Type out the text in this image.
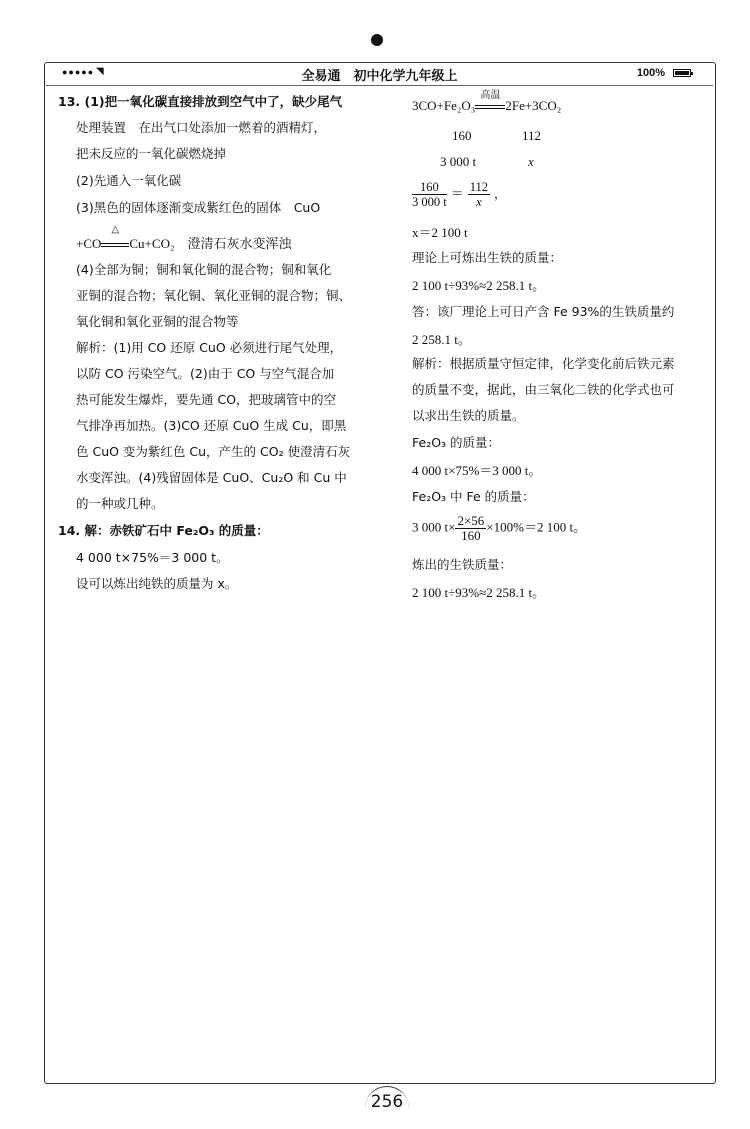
●●●●● ◥	全易通　初中化学九年级上	100%
13. (1)把一氧化碳直接排放到空气中了，缺少尾气
处理装置　在出气口处添加一燃着的酒精灯，
把未反应的一氧化碳燃烧掉
(2)先通入一氧化碳
(3)黑色的固体逐渐变成紫红色的固体　CuO
+CO
△
Cu+CO₂　澄清石灰水变浑浊
(4)全部为铜；铜和氧化铜的混合物；铜和氧化
亚铜的混合物；氧化铜、氧化亚铜的混合物；铜、
氧化铜和氧化亚铜的混合物等
解析：(1)用 CO 还原 CuO 必须进行尾气处理，
以防 CO 污染空气。(2)由于 CO 与空气混合加
热可能发生爆炸，要先通 CO，把玻璃管中的空
气排净再加热。(3)CO 还原 CuO 生成 Cu，即黑
色 CuO 变为紫红色 Cu，产生的 CO₂ 使澄清石灰
水变浑浊。(4)残留固体是 CuO、Cu₂O 和 Cu 中
的一种或几种。
14. 解：赤铁矿石中 Fe₂O₃ 的质量：
4 000 t×75%＝3 000 t。
设可以炼出纯铁的质量为 x。
3CO+Fe₂O₃
高温
2Fe+3CO₂
160	112
3 000 t	x
$\frac{160}{3 000 t} = \frac{112}{x}$ ，
x＝2 100 t
理论上可炼出生铁的质量：
2 100 t÷93%≈2 258.1 t。
答：该厂理论上可日产含 Fe 93%的生铁质量约
2 258.1 t。
解析：根据质量守恒定律，化学变化前后铁元素
的质量不变，据此，由三氧化二铁的化学式也可
以求出生铁的质量。
Fe₂O₃ 的质量：
4 000 t×75%＝3 000 t。
Fe₂O₃ 中 Fe 的质量：
3 000 $t\times \frac{2\times 56}{160} \times 100\%=2$ 100 t。
炼出的生铁质量：
2 100 t÷93%≈2 258.1 t。
256
